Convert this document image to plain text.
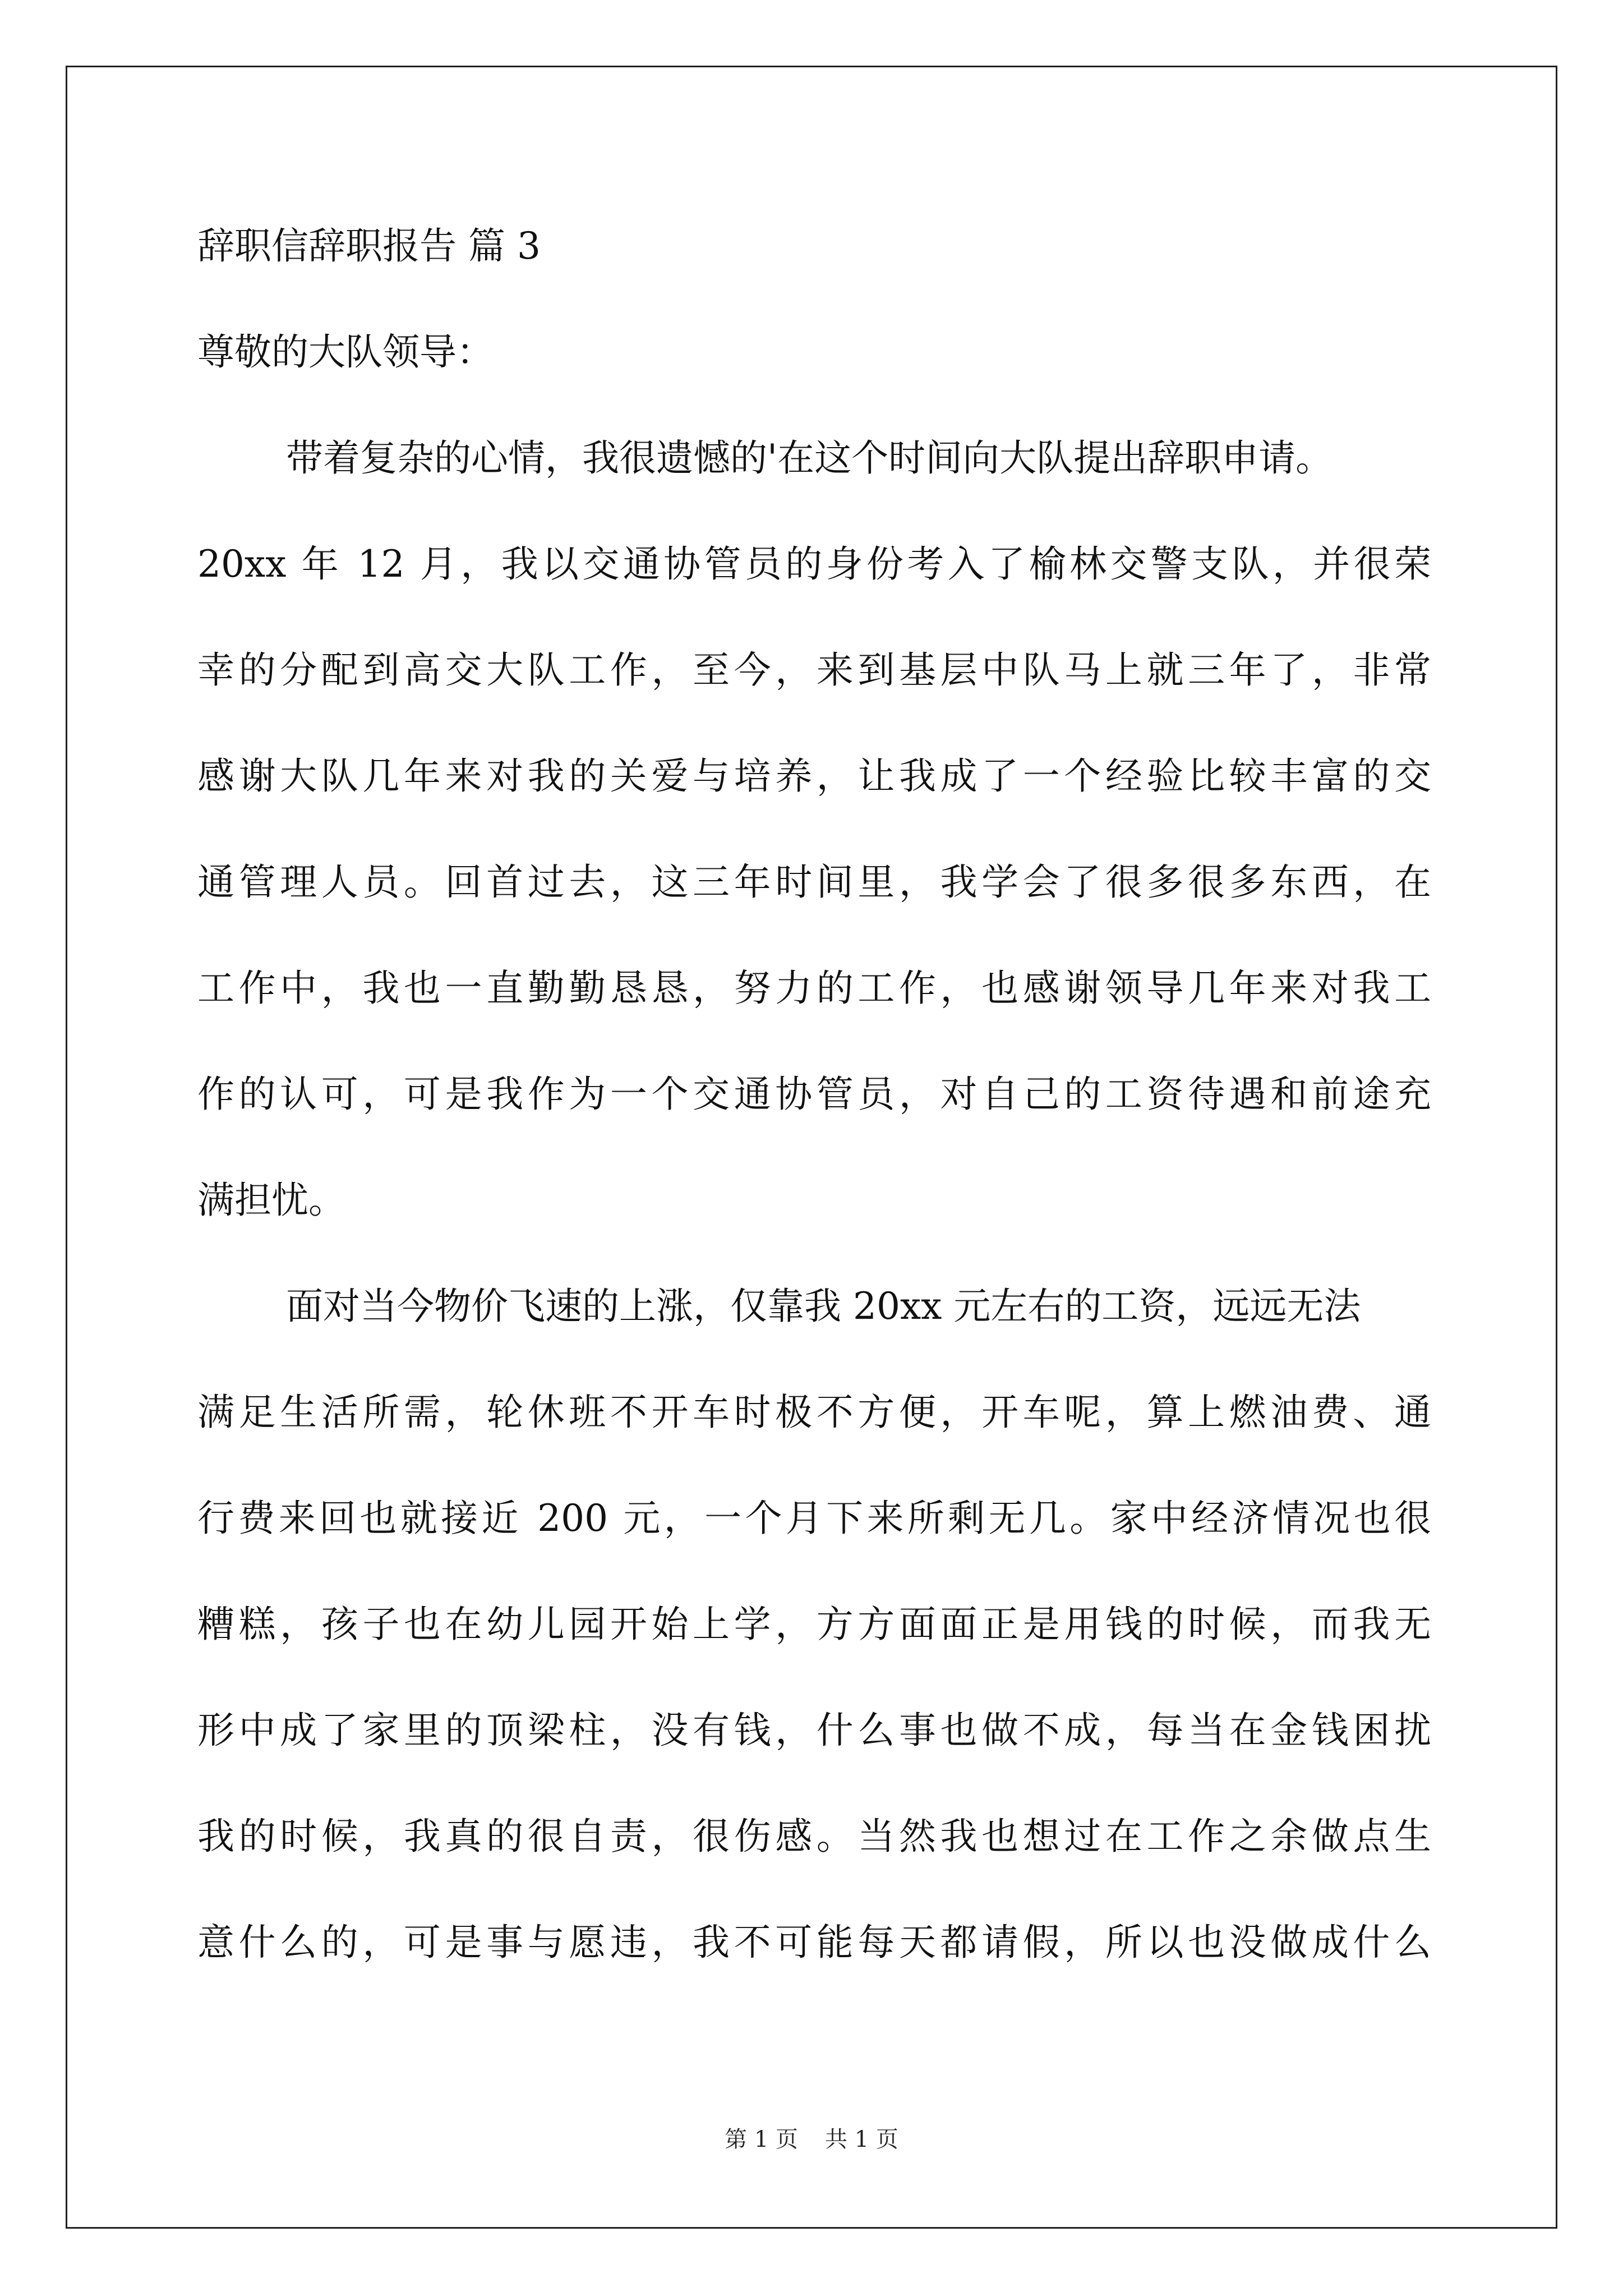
辞职信辞职报告 篇 3
尊敬的大队领导：
带着复杂的心情，我很遗憾的'在这个时间向大队提出辞职申请。
20xx 年 12 月，我以交通协管员的身份考入了榆林交警支队，并很荣
幸的分配到高交大队工作，至今，来到基层中队马上就三年了，非常
感谢大队几年来对我的关爱与培养，让我成了一个经验比较丰富的交
通管理人员。回首过去，这三年时间里，我学会了很多很多东西，在
工作中，我也一直勤勤恳恳，努力的工作，也感谢领导几年来对我工
作的认可，可是我作为一个交通协管员，对自己的工资待遇和前途充
满担忧。
面对当今物价飞速的上涨，仅靠我 20xx 元左右的工资，远远无法
满足生活所需，轮休班不开车时极不方便，开车呢，算上燃油费、通
行费来回也就接近 200 元，一个月下来所剩无几。家中经济情况也很
糟糕，孩子也在幼儿园开始上学，方方面面正是用钱的时候，而我无
形中成了家里的顶梁柱，没有钱，什么事也做不成，每当在金钱困扰
我的时候，我真的很自责，很伤感。当然我也想过在工作之余做点生
意什么的，可是事与愿违，我不可能每天都请假，所以也没做成什么
第 1 页 共 1 页
